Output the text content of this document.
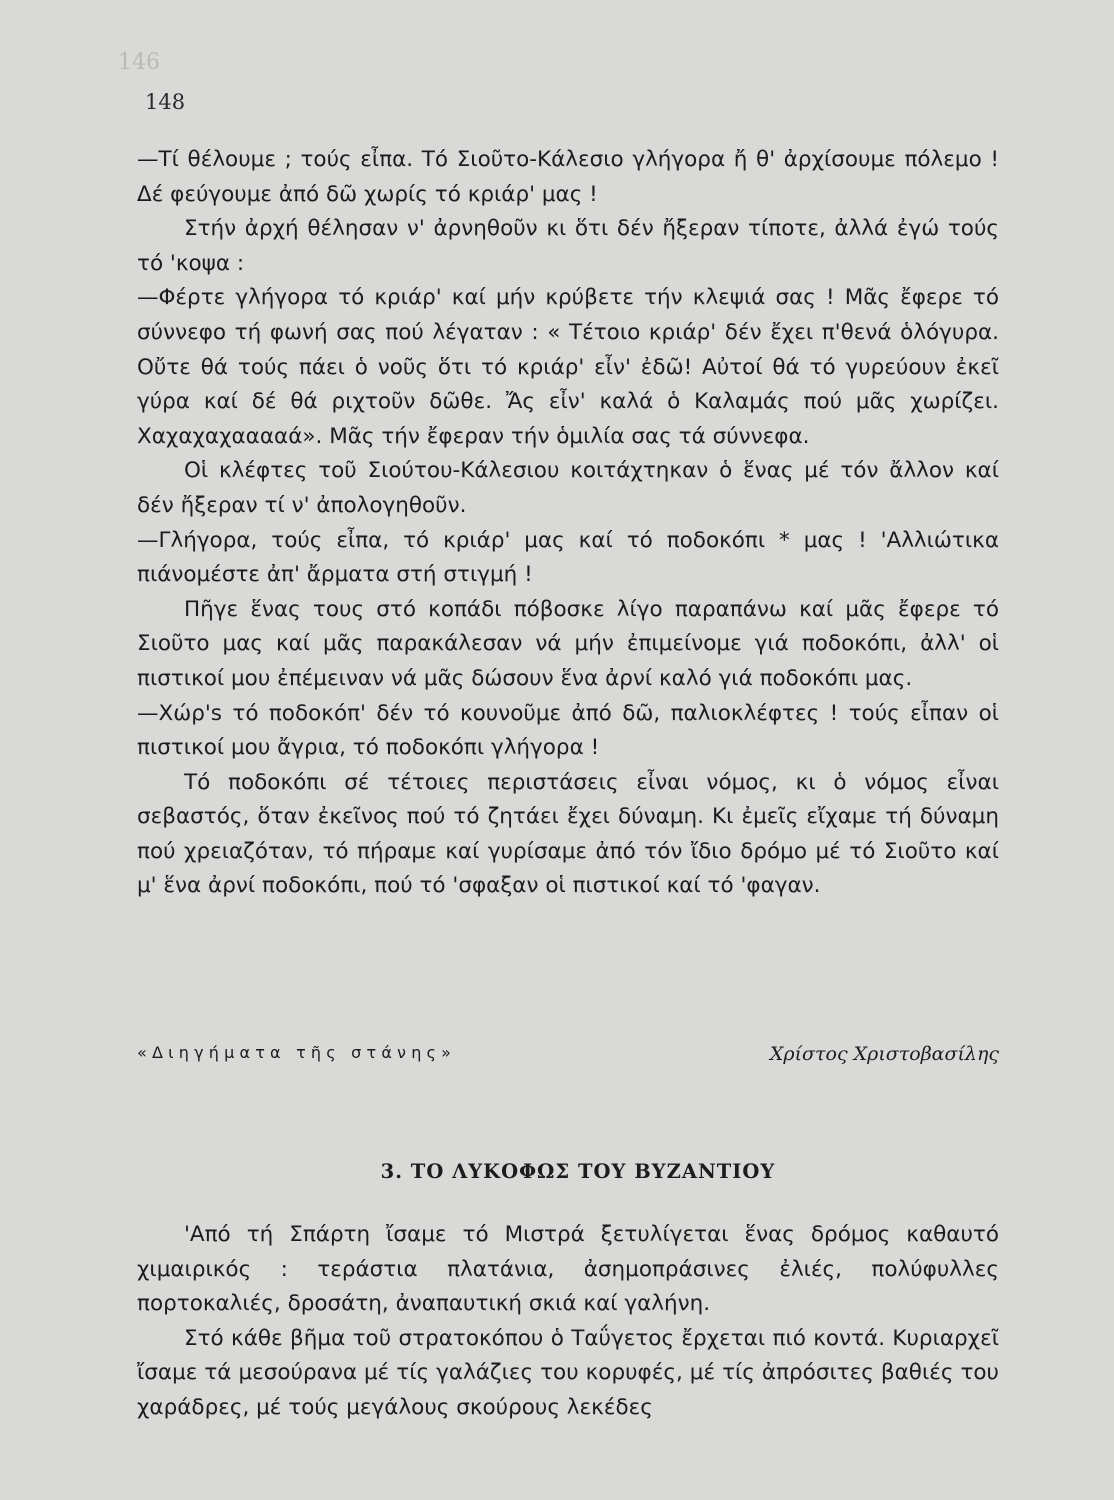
146
148

—Τί θέλουμε ; τούς εἶπα. Τό Σιοῦτο-Κάλεσιο γλήγορα ἤ θ' ἀρχίσουμε πόλεμο ! Δέ φεύγουμε ἀπό δῶ χωρίς τό κριάρ' μας !

Στήν ἀρχή θέλησαν ν' ἀρνηθοῦν κι ὅτι δέν ἤξεραν τίποτε, ἀλλά ἐγώ τούς τό 'κοψα :

—Φέρτε γλήγορα τό κριάρ' καί μήν κρύβετε τήν κλεψιά σας ! Μᾶς ἔφερε τό σύννεφο τή φωνή σας πού λέγαταν : « Τέτοιο κριάρ' δέν ἔχει π'θενά ὁλόγυρα. Οὔτε θά τούς πάει ὁ νοῦς ὅτι τό κριάρ' εἶν' ἐδῶ! Αὐτοί θά τό γυρεύουν ἐκεῖ γύρα καί δέ θά ριχτοῦν δῶθε. Ἄς εἶν' καλά ὁ Καλαμάς πού μᾶς χωρίζει. Χαχαχαχααααά». Μᾶς τήν ἔφεραν τήν ὁμιλία σας τά σύννεφα.

Οἱ κλέφτες τοῦ Σιούτου-Κάλεσιου κοιτάχτηκαν ὁ ἕνας μέ τόν ἄλλον καί δέν ἤξεραν τί ν' ἀπολογηθοῦν.

—Γλήγορα, τούς εἶπα, τό κριάρ' μας καί τό ποδοκόπι * μας ! 'Αλλιώτικα πιάνομέστε ἀπ' ἄρματα στή στιγμή !

Πῆγε ἕνας τους στό κοπάδι πόβοσκε λίγο παραπάνω καί μᾶς ἔφερε τό Σιοῦτο μας καί μᾶς παρακάλεσαν νά μήν ἐπιμείνομε γιά ποδοκόπι, ἀλλ' οἱ πιστικοί μου ἐπέμειναν νά μᾶς δώσουν ἕνα ἀρνί καλό γιά ποδοκόπι μας.

—Χώρ's τό ποδοκόπ' δέν τό κουνοῦμε ἀπό δῶ, παλιοκλέφτες ! τούς εἶπαν οἱ πιστικοί μου ἄγρια, τό ποδοκόπι γλήγορα !

Τό ποδοκόπι σέ τέτοιες περιστάσεις εἶναι νόμος, κι ὁ νόμος εἶναι σεβαστός, ὅταν ἐκεῖνος πού τό ζητάει ἔχει δύναμη. Κι ἐμεῖς εἴχαμε τή δύναμη πού χρειαζόταν, τό πήραμε καί γυρίσαμε ἀπό τόν ἴδιο δρόμο μέ τό Σιοῦτο καί μ' ἕνα ἀρνί ποδοκόπι, πού τό 'σφαξαν οἱ πιστικοί καί τό 'φαγαν.

«Διηγήματα τῆς στάνης»	Χρίστος Χριστοβασίλης
3. ΤΟ ΛΥΚΟΦΩΣ ΤΟΥ ΒΥΖΑΝΤΙΟΥ

'Από τή Σπάρτη ἴσαμε τό Μιστρά ξετυλίγεται ἕνας δρόμος καθαυτό χιμαιρικός : τεράστια πλατάνια, ἀσημοπράσινες ἐλιές, πολύφυλλες πορτοκαλιές, δροσάτη, ἀναπαυτική σκιά καί γαλήνη.

Στό κάθε βῆμα τοῦ στρατοκόπου ὁ Ταΰγετος ἔρχεται πιό κοντά. Κυριαρχεῖ ἴσαμε τά μεσούρανα μέ τίς γαλάζιες του κορυφές, μέ τίς ἀπρόσιτες βαθιές του χαράδρες, μέ τούς μεγάλους σκούρους λεκέδες
